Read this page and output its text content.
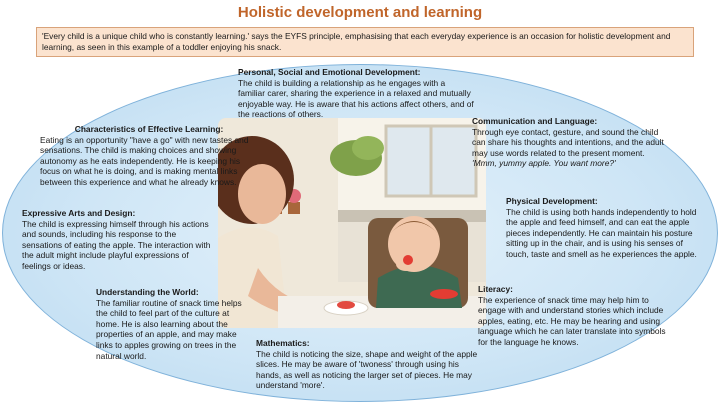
Holistic development and learning
'Every child is a unique child who is constantly learning.' says the EYFS principle, emphasising that each everyday experience is an occasion for holistic development and learning, as seen in this example of a toddler enjoying his snack.
Personal, Social and Emotional Development:
The child is building a relationship as he engages with a familiar carer, sharing the experience in a relaxed and mutually enjoyable way. He is aware that his actions affect others, and of the reactions of others.
Characteristics of Effective Learning:
Eating is an opportunity "have a go" with new tastes and sensations. The child is making choices and showing autonomy as he eats independently. He is keeping his focus on what he is doing, and is making mental links between this experience and what he already knows.
Communication and Language:
Through eye contact, gesture, and sound the child can share his thoughts and intentions, and the adult may use words related to the present moment.
'Mmm, yummy apple. You want more?'
Expressive Arts and Design:
The child is expressing himself through his actions and sounds, including his response to the sensations of eating the apple. The interaction with the adult might include playful expressions of feelings or ideas.
Physical Development:
The child is using both hands independently to hold the apple and feed himself, and can eat the apple pieces independently. He can maintain his posture sitting up in the chair, and is using his senses of touch, taste and smell as he experiences the apple.
Understanding the World:
The familiar routine of snack time helps the child to feel part of the culture at home. He is also learning about the properties of an apple, and may make links to apples growing on trees in the natural world.
Literacy:
The experience of snack time may help him to engage with and understand stories which include apples, eating, etc. He may be hearing and using language which he can later translate into symbols for the language he knows.
Mathematics:
The child is noticing the size, shape and weight of the apple slices. He may be aware of 'twoness' through using his hands, as well as noticing the larger set of pieces. He may understand 'more'.
